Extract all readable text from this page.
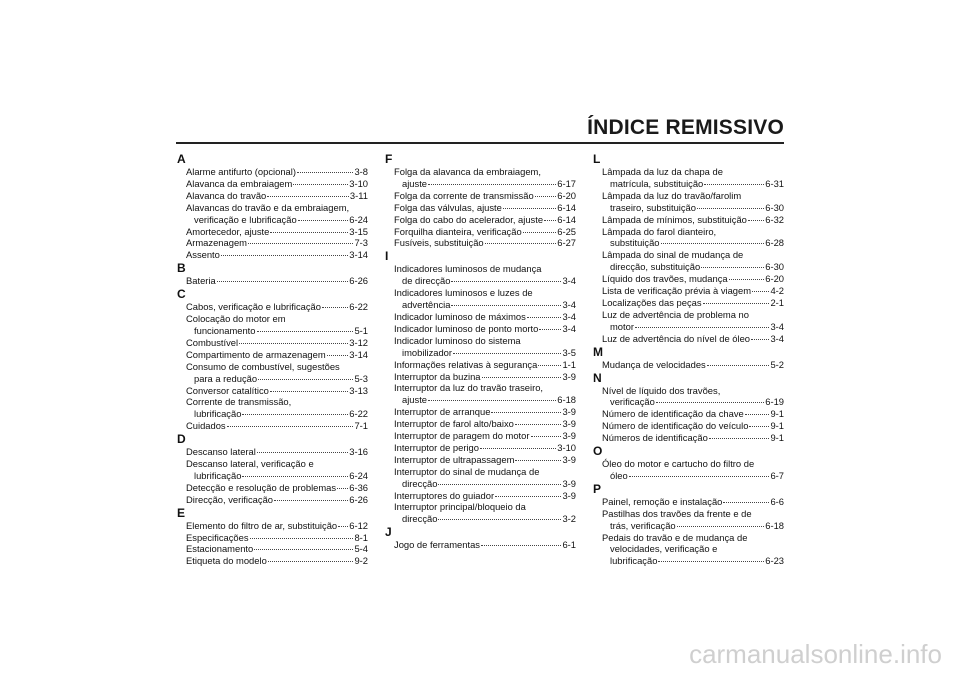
ÍNDICE REMISSIVO
A
Alarme antifurto (opcional)	3-8
Alavanca da embraiagem	3-10
Alavanca do travão	3-11
Alavancas do travão e da embraiagem,
verificação e lubrificação	6-24
Amortecedor, ajuste	3-15
Armazenagem	7-3
Assento	3-14
B
Bateria	6-26
C
Cabos, verificação e lubrificação	6-22
Colocação do motor em
funcionamento	5-1
Combustível	3-12
Compartimento de armazenagem	3-14
Consumo de combustível, sugestões
para a redução	5-3
Conversor catalítico	3-13
Corrente de transmissão,
lubrificação	6-22
Cuidados	7-1
D
Descanso lateral	3-16
Descanso lateral, verificação e
lubrificação	6-24
Detecção e resolução de problemas 6-36
Direcção, verificação	6-26
E
Elemento do filtro de ar, substituição 6-12
Especificações	8-1
Estacionamento	5-4
Etiqueta do modelo	9-2
F
Folga da alavanca da embraiagem,
ajuste	6-17
Folga da corrente de transmissão	6-20
Folga das válvulas, ajuste	6-14
Folga do cabo do acelerador, ajuste 6-14
Forquilha dianteira, verificação	6-25
Fusíveis, substituição	6-27
I
Indicadores luminosos de mudança
de direcção	3-4
Indicadores luminosos e luzes de
advertência	3-4
Indicador luminoso de máximos	3-4
Indicador luminoso de ponto morto	3-4
Indicador luminoso do sistema
imobilizador	3-5
Informações relativas à segurança	1-1
Interruptor da buzina	3-9
Interruptor da luz do travão traseiro,
ajuste	6-18
Interruptor de arranque	3-9
Interruptor de farol alto/baixo	3-9
Interruptor de paragem do motor	3-9
Interruptor de perigo	3-10
Interruptor de ultrapassagem	3-9
Interruptor do sinal de mudança de
direcção	3-9
Interruptores do guiador	3-9
Interruptor principal/bloqueio da
direcção	3-2
J
Jogo de ferramentas	6-1
L
Lâmpada da luz da chapa de
matrícula, substituição	6-31
Lâmpada da luz do travão/farolim
traseiro, substituição	6-30
Lâmpada de mínimos, substituição 6-32
Lâmpada do farol dianteiro,
substituição	6-28
Lâmpada do sinal de mudança de
direcção, substituição	6-30
Líquido dos travões, mudança	6-20
Lista de verificação prévia à viagem 4-2
Localizações das peças	2-1
Luz de advertência de problema no
motor	3-4
Luz de advertência do nível de óleo 3-4
M
Mudança de velocidades	5-2
N
Nível de líquido dos travões,
verificação	6-19
Número de identificação da chave	9-1
Número de identificação do veículo 9-1
Números de identificação	9-1
O
Óleo do motor e cartucho do filtro de
óleo	6-7
P
Painel, remoção e instalação	6-6
Pastilhas dos travões da frente e de
trás, verificação	6-18
Pedais do travão e de mudança de
velocidades, verificação e
lubrificação	6-23
carmanualsonline.info
